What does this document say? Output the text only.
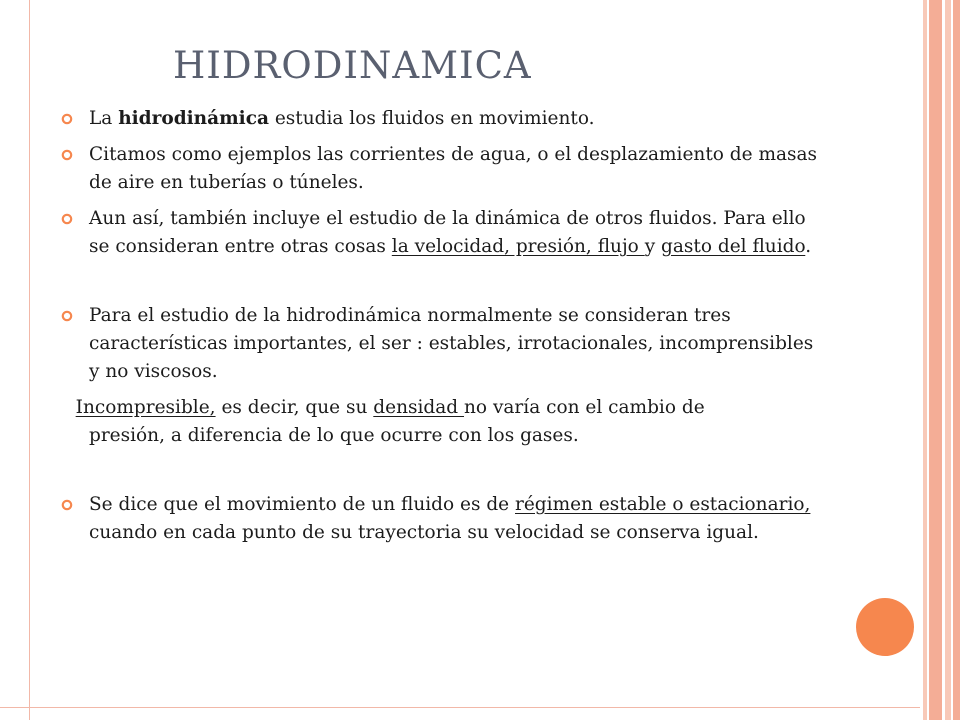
HIDRODINAMICA
La hidrodinámica estudia los fluidos en movimiento.
Citamos como ejemplos las corrientes de agua, o el desplazamiento de masas de aire en tuberías o túneles.
Aun así, también incluye el estudio de la dinámica de otros fluidos. Para ello se consideran entre otras cosas la velocidad, presión, flujo y gasto del fluido.
Para el estudio de la hidrodinámica normalmente se consideran tres características importantes, el ser : estables, irrotacionales, incomprensibles y no viscosos.
Incompresible, es decir, que su densidad no varía con el cambio de
presión, a diferencia de lo que ocurre con los gases.
Se dice que el movimiento de un fluido es de régimen estable o estacionario, cuando en cada punto de su trayectoria su velocidad se conserva igual.
